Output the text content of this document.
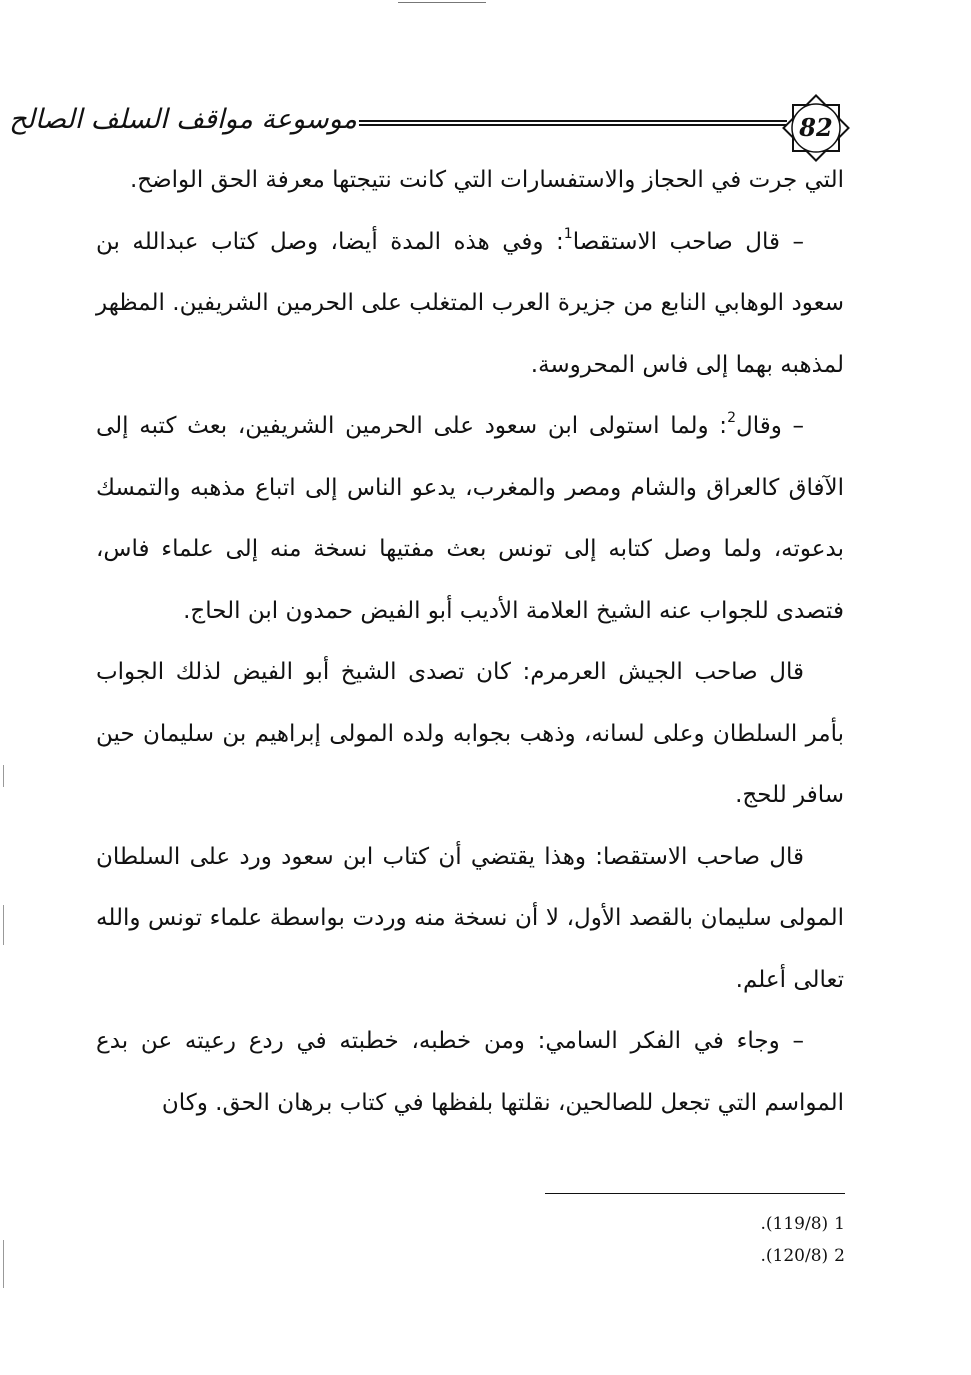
موسوعة مواقف السلف الصالح	82

التي جرت في الحجاز والاستفسارات التي كانت نتيجتها معرفة الحق الواضح.

– قال صاحب الاستقصا$^1$: وفي هذه المدة أيضا، وصل كتاب عبدالله بن سعود الوهابي النابع من جزيرة العرب المتغلب على الحرمين الشريفين. المظهر لمذهبه بهما إلى فاس المحروسة.

– وقال$^2$: ولما استولى ابن سعود على الحرمين الشريفين، بعث كتبه إلى الآفاق كالعراق والشام ومصر والمغرب، يدعو الناس إلى اتباع مذهبه والتمسك بدعوته، ولما وصل كتابه إلى تونس بعث مفتيها نسخة منه إلى علماء فاس، فتصدى للجواب عنه الشيخ العلامة الأديب أبو الفيض حمدون ابن الحاج.

قال صاحب الجيش العرمرم: كان تصدى الشيخ أبو الفيض لذلك الجواب بأمر السلطان وعلى لسانه، وذهب بجوابه ولده المولى إبراهيم بن سليمان حين سافر للحج.

قال صاحب الاستقصا: وهذا يقتضي أن كتاب ابن سعود ورد على السلطان المولى سليمان بالقصد الأول، لا أن نسخة منه وردت بواسطة علماء تونس والله تعالى أعلم.

– وجاء في الفكر السامي: ومن خطبه، خطبته في ردع رعيته عن بدع المواسم التي تجعل للصالحين، نقلتها بلفظها في كتاب برهان الحق. وكان

1(119/8).
2(120/8).
